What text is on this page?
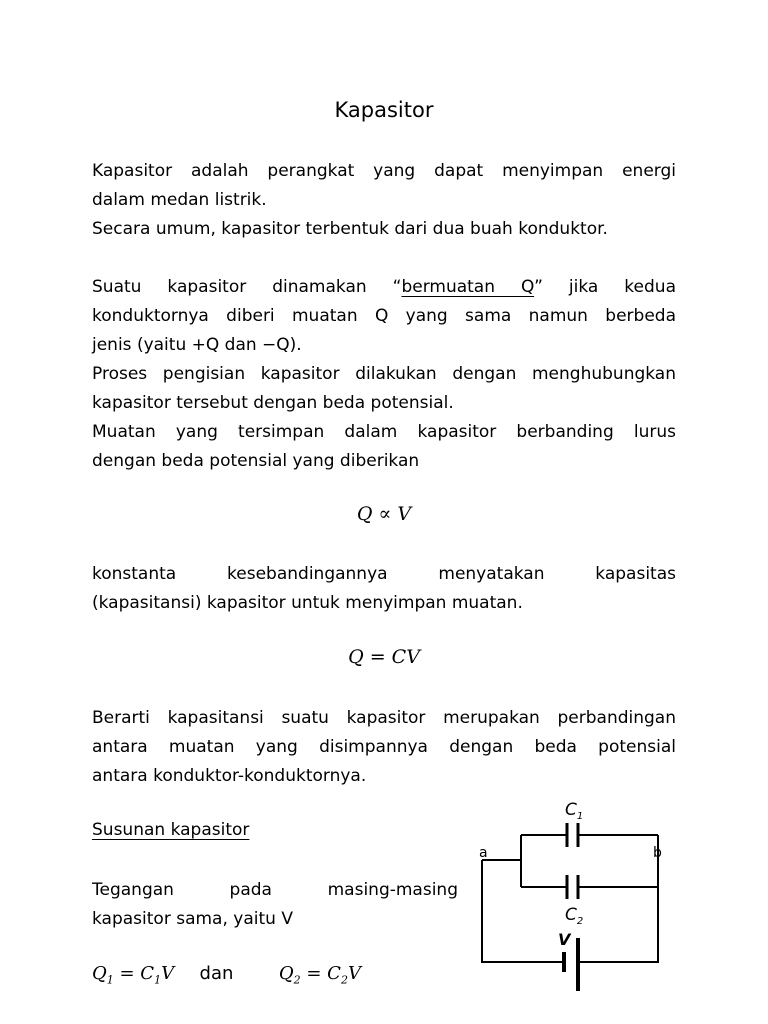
Kapasitor
Kapasitor adalah perangkat yang dapat menyimpan energi
dalam medan listrik.
Secara umum, kapasitor terbentuk dari dua buah konduktor.
Suatu kapasitor dinamakan “bermuatan Q” jika kedua
konduktornya diberi muatan Q yang sama namun berbeda
jenis (yaitu +Q dan −Q).
Proses pengisian kapasitor dilakukan dengan menghubungkan
kapasitor tersebut dengan beda potensial.
Muatan yang tersimpan dalam kapasitor berbanding lurus
dengan beda potensial yang diberikan
Q ∝ V
konstanta kesebandingannya menyatakan kapasitas
(kapasitansi) kapasitor untuk menyimpan muatan.
Q = CV
Berarti kapasitansi suatu kapasitor merupakan perbandingan
antara muatan yang disimpannya dengan beda potensial
antara konduktor-konduktornya.
Susunan kapasitor
Tegangan pada masing-masing
kapasitor sama, yaitu V
$Q_1 = C_1V$ dan	$Q_2 = C_2V$
$C_1$
$C_2$
a	b
V
